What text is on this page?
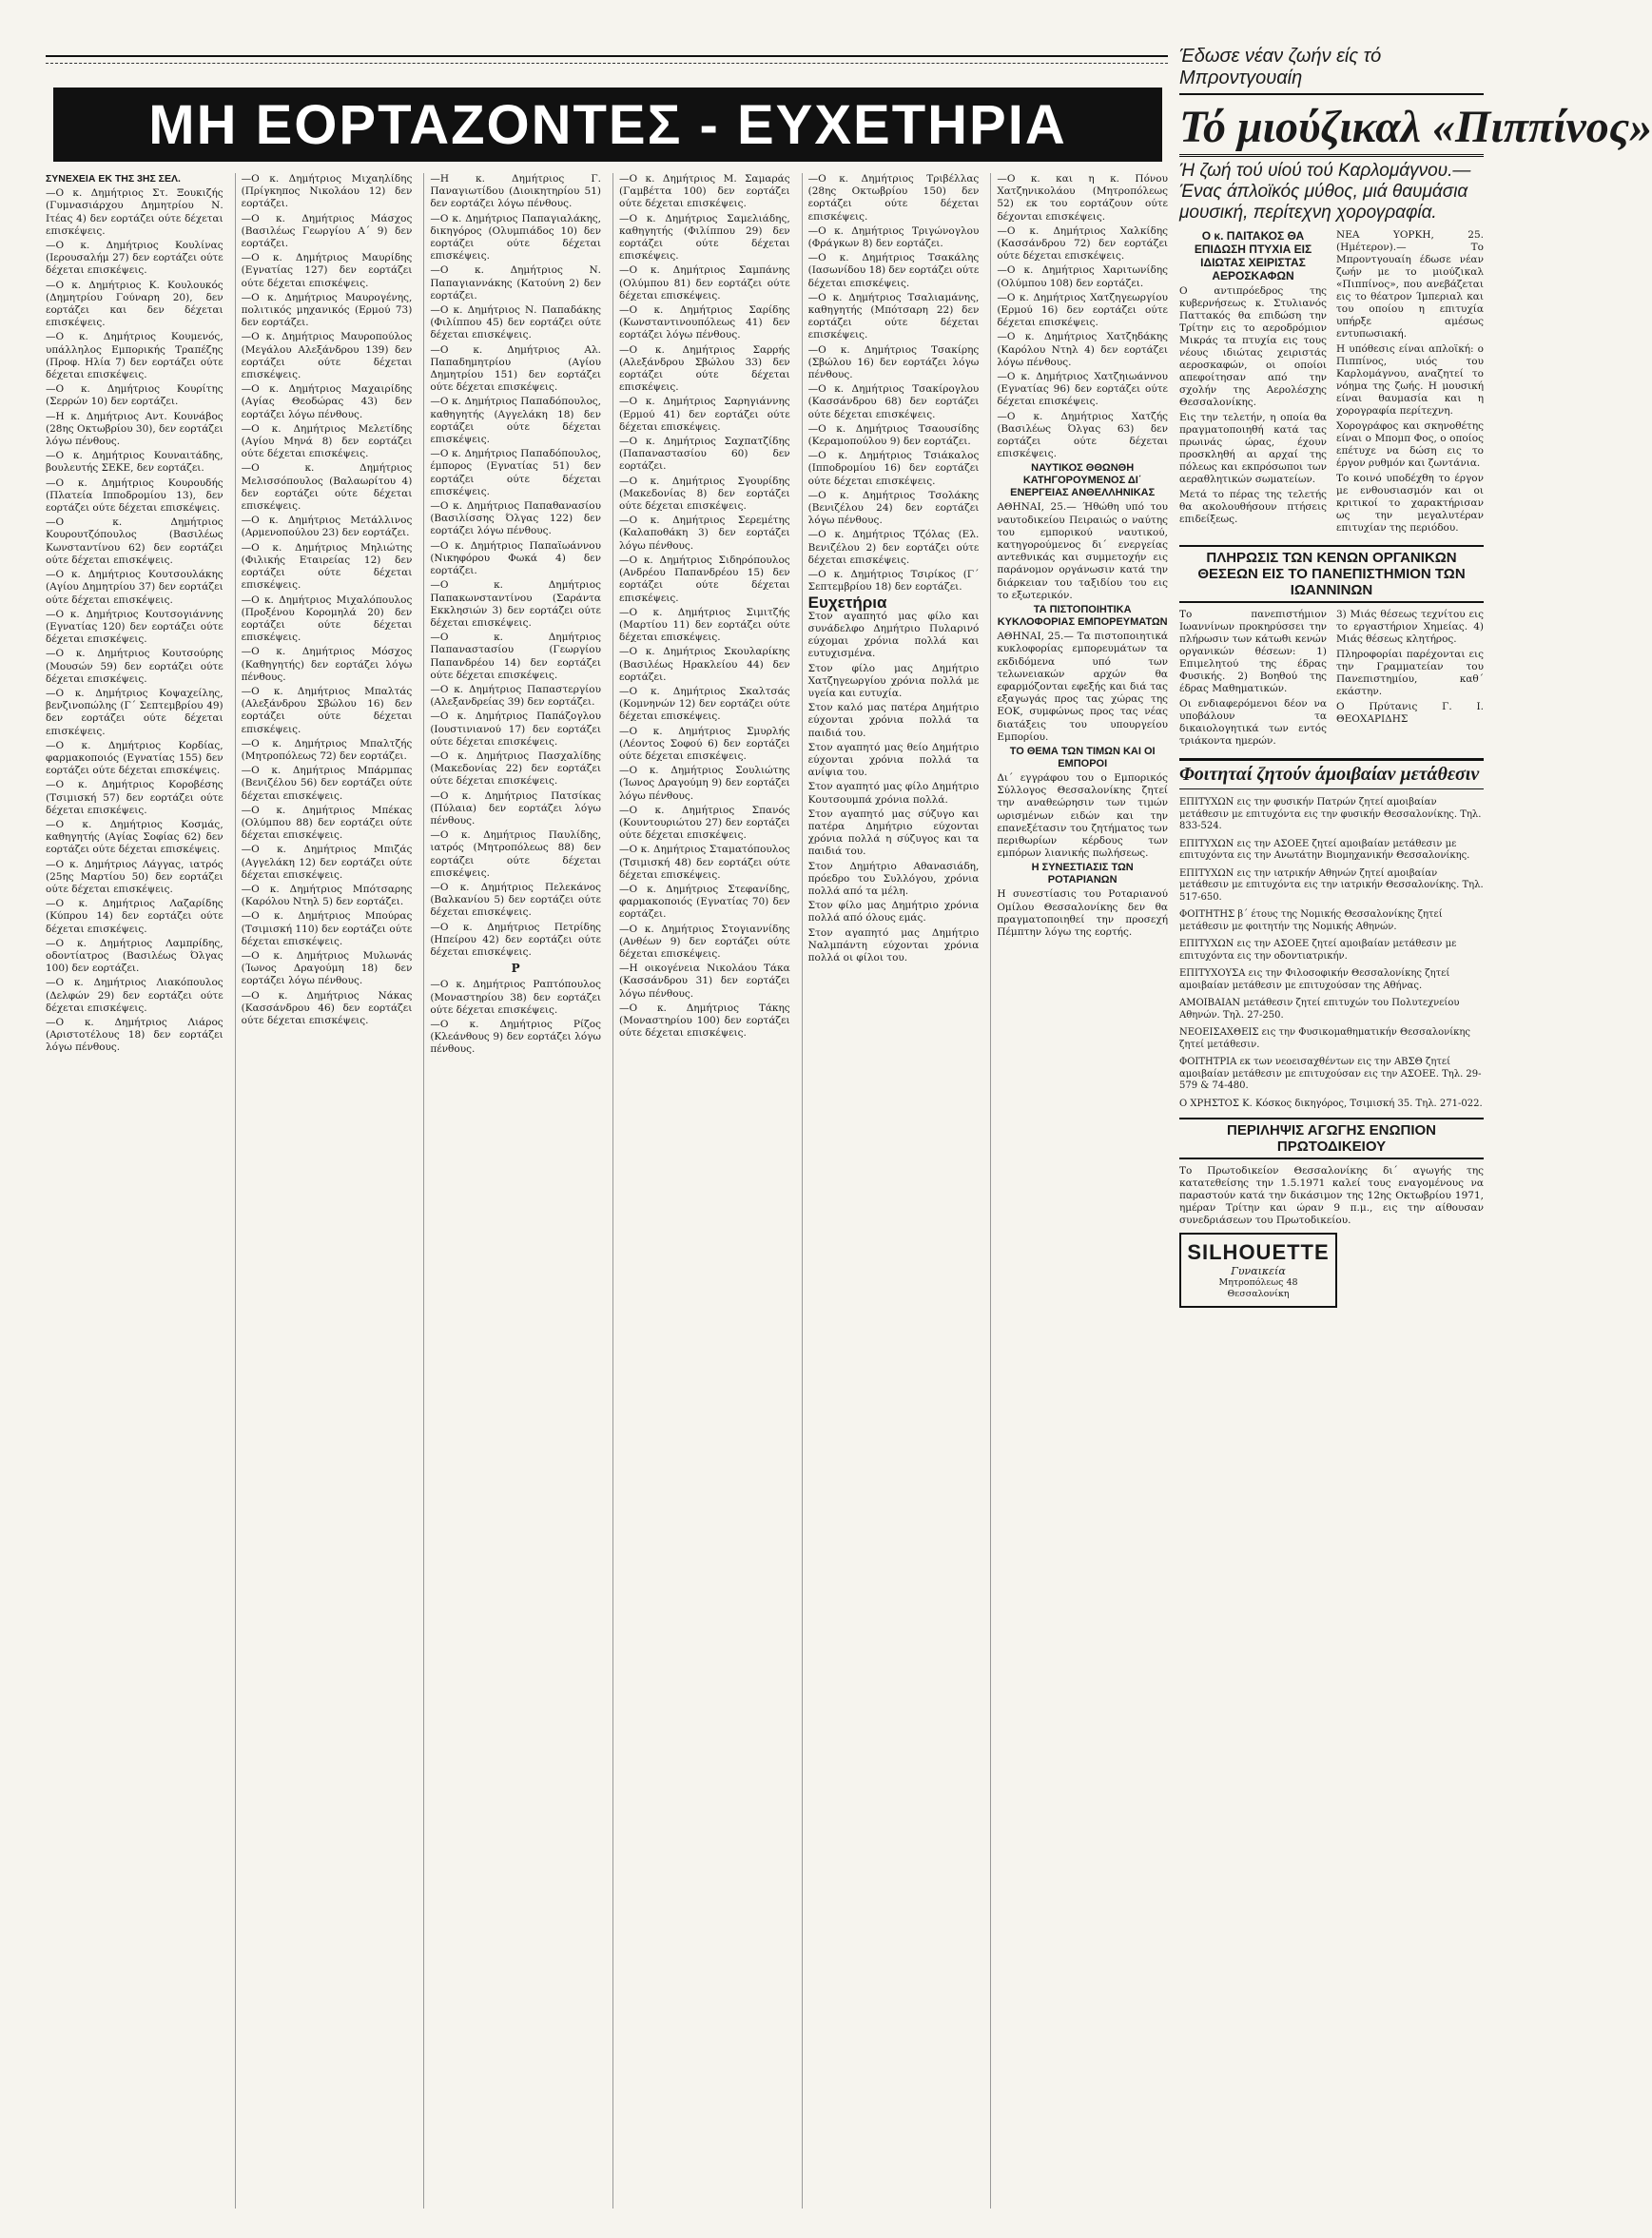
ΜΗ ΕΟΡΤΑΖΟΝΤΕΣ - ΕΥΧΕΤΗΡΙΑ

ΣΥΝΕΧΕΙΑ ΕΚ ΤΗΣ 3ΗΣ ΣΕΛ.

—Ο κ. Δημήτριος Στ. Ξουκιζής (Γυμνασιάρχου Δημητρίου Ν. Ιτέας 4) δεν εορτάζει ούτε δέχεται επισκέψεις.

—Ο κ. Δημήτριος Κουλίνας (Ιερουσαλήμ 27) δεν εορτάζει ούτε δέχεται επισκέψεις.

—Ο κ. Δημήτριος Κ. Κουλουκός (Δημητρίου Γούναρη 20), δεν εορτάζει και δεν δέχεται επισκέψεις.

—Ο κ. Δημήτριος Κουμενός, υπάλληλος Εμπορικής Τραπέζης (Προφ. Ηλία 7) δεν εορτάζει ούτε δέχεται επισκέψεις.

—Ο κ. Δημήτριος Κουρίτης (Σερρών 10) δεν εορτάζει.

—Η κ. Δημήτριος Αντ. Κουνάβος (28ης Οκτωβρίου 30), δεν εορτάζει λόγω πένθους.

—Ο κ. Δημήτριος Κουναιτάδης, βουλευτής ΣΕΚΕ, δεν εορτάζει.

—Ο κ. Δημήτριος Κουρουδής (Πλατεία Ιπποδρομίου 13), δεν εορτάζει ούτε δέχεται επισκέψεις.

—Ο κ. Δημήτριος Κουρουτζόπουλος (Βασιλέως Κωνσταντίνου 62) δεν εορτάζει ούτε δέχεται επισκέψεις.

—Ο κ. Δημήτριος Κουτσουλάκης (Αγίου Δημητρίου 37) δεν εορτάζει ούτε δέχεται επισκέψεις.

—Ο κ. Δημήτριος Κουτσογιάννης (Εγνατίας 120) δεν εορτάζει ούτε δέχεται επισκέψεις.

—Ο κ. Δημήτριος Κουτσούρης (Μουσών 59) δεν εορτάζει ούτε δέχεται επισκέψεις.

—Ο κ. Δημήτριος Κοψαχείλης, βενζινοπώλης (Γ΄ Σεπτεμβρίου 49) δεν εορτάζει ούτε δέχεται επισκέψεις.

—Ο κ. Δημήτριος Κορδίας, φαρμακοποιός (Εγνατίας 155) δεν εορτάζει ούτε δέχεται επισκέψεις.

—Ο κ. Δημήτριος Κοροβέσης (Τσιμισκή 57) δεν εορτάζει ούτε δέχεται επισκέψεις.

—Ο κ. Δημήτριος Κοσμάς, καθηγητής (Αγίας Σοφίας 62) δεν εορτάζει ούτε δέχεται επισκέψεις.

—Ο κ. Δημήτριος Λάγγας, ιατρός (25ης Μαρτίου 50) δεν εορτάζει ούτε δέχεται επισκέψεις.

—Ο κ. Δημήτριος Λαζαρίδης (Κύπρου 14) δεν εορτάζει ούτε δέχεται επισκέψεις.

—Ο κ. Δημήτριος Λαμπρίδης, οδοντίατρος (Βασιλέως Όλγας 100) δεν εορτάζει.

—Ο κ. Δημήτριος Λιακόπουλος (Δελφών 29) δεν εορτάζει ούτε δέχεται επισκέψεις.

—Ο κ. Δημήτριος Λιάρος (Αριστοτέλους 18) δεν εορτάζει λόγω πένθους.

—Ο κ. Δημήτριος Μιχαηλίδης (Πρίγκηπος Νικολάου 12) δεν εορτάζει.

—Ο κ. Δημήτριος Μάσχος (Βασιλέως Γεωργίου Α΄ 9) δεν εορτάζει.

—Ο κ. Δημήτριος Μαυρίδης (Εγνατίας 127) δεν εορτάζει ούτε δέχεται επισκέψεις.

—Ο κ. Δημήτριος Μαυρογένης, πολιτικός μηχανικός (Ερμού 73) δεν εορτάζει.

—Ο κ. Δημήτριος Μαυροπούλος (Μεγάλου Αλεξάνδρου 139) δεν εορτάζει ούτε δέχεται επισκέψεις.

—Ο κ. Δημήτριος Μαχαιρίδης (Αγίας Θεοδώρας 43) δεν εορτάζει λόγω πένθους.

—Ο κ. Δημήτριος Μελετίδης (Αγίου Μηνά 8) δεν εορτάζει ούτε δέχεται επισκέψεις.

—Ο κ. Δημήτριος Μελισσόπουλος (Βαλαωρίτου 4) δεν εορτάζει ούτε δέχεται επισκέψεις.

—Ο κ. Δημήτριος Μετάλλινος (Αρμενοπούλου 23) δεν εορτάζει.

—Ο κ. Δημήτριος Μηλιώτης (Φιλικής Εταιρείας 12) δεν εορτάζει ούτε δέχεται επισκέψεις.

—Ο κ. Δημήτριος Μιχαλόπουλος (Προξένου Κορομηλά 20) δεν εορτάζει ούτε δέχεται επισκέψεις.

—Ο κ. Δημήτριος Μόσχος (Καθηγητής) δεν εορτάζει λόγω πένθους.

—Ο κ. Δημήτριος Μπαλτάς (Αλεξάνδρου Σβώλου 16) δεν εορτάζει ούτε δέχεται επισκέψεις.

—Ο κ. Δημήτριος Μπαλτζής (Μητροπόλεως 72) δεν εορτάζει.

—Ο κ. Δημήτριος Μπάρμπας (Βενιζέλου 56) δεν εορτάζει ούτε δέχεται επισκέψεις.

—Ο κ. Δημήτριος Μπέκας (Ολύμπου 88) δεν εορτάζει ούτε δέχεται επισκέψεις.

—Ο κ. Δημήτριος Μπιζάς (Αγγελάκη 12) δεν εορτάζει ούτε δέχεται επισκέψεις.

—Ο κ. Δημήτριος Μπότσαρης (Καρόλου Ντηλ 5) δεν εορτάζει.

—Ο κ. Δημήτριος Μπούρας (Τσιμισκή 110) δεν εορτάζει ούτε δέχεται επισκέψεις.

—Ο κ. Δημήτριος Μυλωνάς (Ίωνος Δραγούμη 18) δεν εορτάζει λόγω πένθους.

—Ο κ. Δημήτριος Νάκας (Κασσάνδρου 46) δεν εορτάζει ούτε δέχεται επισκέψεις.

—Η κ. Δημήτριος Γ. Παναγιωτίδου (Διοικητηρίου 51) δεν εορτάζει λόγω πένθους.

—Ο κ. Δημήτριος Παπαγιαλάκης, δικηγόρος (Ολυμπιάδος 10) δεν εορτάζει ούτε δέχεται επισκέψεις.

—Ο κ. Δημήτριος Ν. Παπαγιαννάκης (Κατούνη 2) δεν εορτάζει.

—Ο κ. Δημήτριος Ν. Παπαδάκης (Φιλίππου 45) δεν εορτάζει ούτε δέχεται επισκέψεις.

—Ο κ. Δημήτριος Αλ. Παπαδημητρίου (Αγίου Δημητρίου 151) δεν εορτάζει ούτε δέχεται επισκέψεις.

—Ο κ. Δημήτριος Παπαδόπουλος, καθηγητής (Αγγελάκη 18) δεν εορτάζει ούτε δέχεται επισκέψεις.

—Ο κ. Δημήτριος Παπαδόπουλος, έμπορος (Εγνατίας 51) δεν εορτάζει ούτε δέχεται επισκέψεις.

—Ο κ. Δημήτριος Παπαθανασίου (Βασιλίσσης Όλγας 122) δεν εορτάζει λόγω πένθους.

—Ο κ. Δημήτριος Παπαϊωάννου (Νικηφόρου Φωκά 4) δεν εορτάζει.

—Ο κ. Δημήτριος Παπακωνσταντίνου (Σαράντα Εκκλησιών 3) δεν εορτάζει ούτε δέχεται επισκέψεις.

—Ο κ. Δημήτριος Παπαναστασίου (Γεωργίου Παπανδρέου 14) δεν εορτάζει ούτε δέχεται επισκέψεις.

—Ο κ. Δημήτριος Παπαστεργίου (Αλεξανδρείας 39) δεν εορτάζει.

—Ο κ. Δημήτριος Παπάζογλου (Ιουστινιανού 17) δεν εορτάζει ούτε δέχεται επισκέψεις.

—Ο κ. Δημήτριος Πασχαλίδης (Μακεδονίας 22) δεν εορτάζει ούτε δέχεται επισκέψεις.

—Ο κ. Δημήτριος Πατσίκας (Πύλαια) δεν εορτάζει λόγω πένθους.

—Ο κ. Δημήτριος Παυλίδης, ιατρός (Μητροπόλεως 88) δεν εορτάζει ούτε δέχεται επισκέψεις.

—Ο κ. Δημήτριος Πελεκάνος (Βαλκανίου 5) δεν εορτάζει ούτε δέχεται επισκέψεις.

—Ο κ. Δημήτριος Πετρίδης (Ηπείρου 42) δεν εορτάζει ούτε δέχεται επισκέψεις.

Ρ

—Ο κ. Δημήτριος Ραπτόπουλος (Μοναστηρίου 38) δεν εορτάζει ούτε δέχεται επισκέψεις.

—Ο κ. Δημήτριος Ρίζος (Κλεάνθους 9) δεν εορτάζει λόγω πένθους.

—Ο κ. Δημήτριος Μ. Σαμαράς (Γαμβέττα 100) δεν εορτάζει ούτε δέχεται επισκέψεις.

—Ο κ. Δημήτριος Σαμελιάδης, καθηγητής (Φιλίππου 29) δεν εορτάζει ούτε δέχεται επισκέψεις.

—Ο κ. Δημήτριος Σαμπάνης (Ολύμπου 81) δεν εορτάζει ούτε δέχεται επισκέψεις.

—Ο κ. Δημήτριος Σαρίδης (Κωνσταντινουπόλεως 41) δεν εορτάζει λόγω πένθους.

—Ο κ. Δημήτριος Σαρρής (Αλεξάνδρου Σβώλου 33) δεν εορτάζει ούτε δέχεται επισκέψεις.

—Ο κ. Δημήτριος Σαρηγιάννης (Ερμού 41) δεν εορτάζει ούτε δέχεται επισκέψεις.

—Ο κ. Δημήτριος Σαχπατζίδης (Παπαναστασίου 60) δεν εορτάζει.

—Ο κ. Δημήτριος Σγουρίδης (Μακεδονίας 8) δεν εορτάζει ούτε δέχεται επισκέψεις.

—Ο κ. Δημήτριος Σερεμέτης (Καλαποθάκη 3) δεν εορτάζει λόγω πένθους.

—Ο κ. Δημήτριος Σιδηρόπουλος (Ανδρέου Παπανδρέου 15) δεν εορτάζει ούτε δέχεται επισκέψεις.

—Ο κ. Δημήτριος Σιμιτζής (Μαρτίου 11) δεν εορτάζει ούτε δέχεται επισκέψεις.

—Ο κ. Δημήτριος Σκουλαρίκης (Βασιλέως Ηρακλείου 44) δεν εορτάζει.

—Ο κ. Δημήτριος Σκαλτσάς (Κομνηνών 12) δεν εορτάζει ούτε δέχεται επισκέψεις.

—Ο κ. Δημήτριος Σμυρλής (Λέοντος Σοφού 6) δεν εορτάζει ούτε δέχεται επισκέψεις.

—Ο κ. Δημήτριος Σουλιώτης (Ίωνος Δραγούμη 9) δεν εορτάζει λόγω πένθους.

—Ο κ. Δημήτριος Σπανός (Κουντουριώτου 27) δεν εορτάζει ούτε δέχεται επισκέψεις.

—Ο κ. Δημήτριος Σταματόπουλος (Τσιμισκή 48) δεν εορτάζει ούτε δέχεται επισκέψεις.

—Ο κ. Δημήτριος Στεφανίδης, φαρμακοποιός (Εγνατίας 70) δεν εορτάζει.

—Ο κ. Δημήτριος Στογιαννίδης (Ανθέων 9) δεν εορτάζει ούτε δέχεται επισκέψεις.

—Η οικογένεια Νικολάου Τάκα (Κασσάνδρου 31) δεν εορτάζει λόγω πένθους.

—Ο κ. Δημήτριος Τάκης (Μοναστηρίου 100) δεν εορτάζει ούτε δέχεται επισκέψεις.

—Ο κ. Δημήτριος Τριβέλλας (28ης Οκτωβρίου 150) δεν εορτάζει ούτε δέχεται επισκέψεις.

—Ο κ. Δημήτριος Τριγώνογλου (Φράγκων 8) δεν εορτάζει.

—Ο κ. Δημήτριος Τσακάλης (Ιασωνίδου 18) δεν εορτάζει ούτε δέχεται επισκέψεις.

—Ο κ. Δημήτριος Τσαλιαμάνης, καθηγητής (Μπότσαρη 22) δεν εορτάζει ούτε δέχεται επισκέψεις.

—Ο κ. Δημήτριος Τσακίρης (Σβώλου 16) δεν εορτάζει λόγω πένθους.

—Ο κ. Δημήτριος Τσακίρογλου (Κασσάνδρου 68) δεν εορτάζει ούτε δέχεται επισκέψεις.

—Ο κ. Δημήτριος Τσαουσίδης (Κεραμοπούλου 9) δεν εορτάζει.

—Ο κ. Δημήτριος Τσιάκαλος (Ιπποδρομίου 16) δεν εορτάζει ούτε δέχεται επισκέψεις.

—Ο κ. Δημήτριος Τσολάκης (Βενιζέλου 24) δεν εορτάζει λόγω πένθους.

—Ο κ. Δημήτριος Τζόλας (Ελ. Βενιζέλου 2) δεν εορτάζει ούτε δέχεται επισκέψεις.

—Ο κ. Δημήτριος Τσιρίκος (Γ΄ Σεπτεμβρίου 18) δεν εορτάζει.

Ευχετήρια

Στον αγαπητό μας φίλο και συνάδελφο Δημήτριο Πυλαρινό εύχομαι χρόνια πολλά και ευτυχισμένα.

Στον φίλο μας Δημήτριο Χατζηγεωργίου χρόνια πολλά με υγεία και ευτυχία.

Στον καλό μας πατέρα Δημήτριο εύχονται χρόνια πολλά τα παιδιά του.

Στον αγαπητό μας θείο Δημήτριο εύχονται χρόνια πολλά τα ανίψια του.

Στον αγαπητό μας φίλο Δημήτριο Κουτσουμπά χρόνια πολλά.

Στον αγαπητό μας σύζυγο και πατέρα Δημήτριο εύχονται χρόνια πολλά η σύζυγος και τα παιδιά του.

Στον Δημήτριο Αθανασιάδη, πρόεδρο του Συλλόγου, χρόνια πολλά από τα μέλη.

Στον φίλο μας Δημήτριο χρόνια πολλά από όλους εμάς.

Στον αγαπητό μας Δημήτριο Ναλμπάντη εύχονται χρόνια πολλά οι φίλοι του.

—Ο κ. και η κ. Πόνου Χατζηνικολάου (Μητροπόλεως 52) εκ του εορτάζουν ούτε δέχονται επισκέψεις.

—Ο κ. Δημήτριος Χαλκίδης (Κασσάνδρου 72) δεν εορτάζει ούτε δέχεται επισκέψεις.

—Ο κ. Δημήτριος Χαριτωνίδης (Ολύμπου 108) δεν εορτάζει.

—Ο κ. Δημήτριος Χατζηγεωργίου (Ερμού 16) δεν εορτάζει ούτε δέχεται επισκέψεις.

—Ο κ. Δημήτριος Χατζηδάκης (Καρόλου Ντηλ 4) δεν εορτάζει λόγω πένθους.

—Ο κ. Δημήτριος Χατζηιωάννου (Εγνατίας 96) δεν εορτάζει ούτε δέχεται επισκέψεις.

—Ο κ. Δημήτριος Χατζής (Βασιλέως Όλγας 63) δεν εορτάζει ούτε δέχεται επισκέψεις.

ΝΑΥΤΙΚΟΣ ΘΘΩΝΘΗ ΚΑΤΗΓΟΡΟΥΜΕΝΟΣ ΔΙ΄ ΕΝΕΡΓΕΙΑΣ ΑΝΘΕΛΛΗΝΙΚΑΣ

ΑΘΗΝΑΙ, 25.— Ήθώθη υπό του ναυτοδικείου Πειραιώς ο ναύτης του εμπορικού ναυτικού, κατηγορούμενος δι΄ ενεργείας αντεθνικάς και συμμετοχήν εις παράνομον οργάνωσιν κατά την διάρκειαν του ταξιδίου του εις το εξωτερικόν.

ΤΑ ΠΙΣΤΟΠΟΙΗΤΙΚΑ ΚΥΚΛΟΦΟΡΙΑΣ ΕΜΠΟΡΕΥΜΑΤΩΝ

ΑΘΗΝΑΙ, 25.— Τα πιστοποιητικά κυκλοφορίας εμπορευμάτων τα εκδιδόμενα υπό των τελωνειακών αρχών θα εφαρμόζονται εφεξής και διά τας εξαγωγάς προς τας χώρας της ΕΟΚ, συμφώνως προς τας νέας διατάξεις του υπουργείου Εμπορίου.

ΤΟ ΘΕΜΑ ΤΩΝ ΤΙΜΩΝ ΚΑΙ ΟΙ ΕΜΠΟΡΟΙ

Δι΄ εγγράφου του ο Εμπορικός Σύλλογος Θεσσαλονίκης ζητεί την αναθεώρησιν των τιμών ωρισμένων ειδών και την επανεξέτασιν του ζητήματος των περιθωρίων κέρδους των εμπόρων λιανικής πωλήσεως.

Η ΣΥΝΕΣΤΙΑΣΙΣ ΤΩΝ ΡΟΤΑΡΙΑΝΩΝ

Η συνεστίασις του Ροταριανού Ομίλου Θεσσαλονίκης δεν θα πραγματοποιηθεί την προσεχή Πέμπτην λόγω της εορτής.

Έδωσε νέαν ζωήν είς τό Μπροντγουαίη
Τό μιούζικαλ «Πιππίνος»
Ή ζωή τού υίού τού Καρλομάγνου.— Ένας άπλοϊκός μύθος, μιά θαυμάσια μουσική, περίτεχνη χορογραφία.

Ο κ. ΠΑΙΤΑΚΟΣ ΘΑ ΕΠΙΔΩΣΗ ΠΤΥΧΙΑ ΕΙΣ ΙΔΙΩΤΑΣ ΧΕΙΡΙΣΤΑΣ ΑΕΡΟΣΚΑΦΩΝ

Ο αντιπρόεδρος της κυβερνήσεως κ. Στυλιανός Παττακός θα επιδώση την Τρίτην εις το αεροδρόμιον Μικράς τα πτυχία εις τους νέους ιδιώτας χειριστάς αεροσκαφών, οι οποίοι απεφοίτησαν από την σχολήν της Αερολέσχης Θεσσαλονίκης.

Εις την τελετήν, η οποία θα πραγματοποιηθή κατά τας πρωινάς ώρας, έχουν προσκληθή αι αρχαί της πόλεως και εκπρόσωποι των αεραθλητικών σωματείων.

Μετά το πέρας της τελετής θα ακολουθήσουν πτήσεις επιδείξεως.

ΝΕΑ ΥΟΡΚΗ, 25. (Ημέτερον).— Το Μπροντγουαίη έδωσε νέαν ζωήν με το μιούζικαλ «Πιππίνος», που ανεβάζεται εις το θέατρον Ίμπεριαλ και του οποίου η επιτυχία υπήρξε αμέσως εντυπωσιακή.

Η υπόθεσις είναι απλοϊκή: ο Πιππίνος, υιός του Καρλομάγνου, αναζητεί το νόημα της ζωής. Η μουσική είναι θαυμασία και η χορογραφία περίτεχνη.

Χορογράφος και σκηνοθέτης είναι ο Μπομπ Φος, ο οποίος επέτυχε να δώση εις το έργον ρυθμόν και ζωντάνια.

Το κοινό υποδέχθη το έργον με ενθουσιασμόν και οι κριτικοί το χαρακτήρισαν ως την μεγαλυτέραν επιτυχίαν της περιόδου.

ΠΛΗΡΩΣΙΣ ΤΩΝ ΚΕΝΩΝ ΟΡΓΑΝΙΚΩΝ ΘΕΣΕΩΝ ΕΙΣ ΤΟ ΠΑΝΕΠΙΣΤΗΜΙΟΝ ΤΩΝ ΙΩΑΝΝΙΝΩΝ

Το πανεπιστήμιον Ιωαννίνων προκηρύσσει την πλήρωσιν των κάτωθι κενών οργανικών θέσεων: 1) Επιμελητού της έδρας Φυσικής. 2) Βοηθού της έδρας Μαθηματικών.

Οι ενδιαφερόμενοι δέον να υποβάλουν τα δικαιολογητικά των εντός τριάκοντα ημερών.

3) Μιάς θέσεως τεχνίτου εις το εργαστήριον Χημείας. 4) Μιάς θέσεως κλητήρος.

Πληροφορίαι παρέχονται εις την Γραμματείαν του Πανεπιστημίου, καθ΄ εκάστην.

Ο Πρύτανις Γ. Ι. ΘΕΟΧΑΡΙΔΗΣ

Φοιτηταί ζητούν άμοιβαίαν μετάθεσιν

ΕΠΙΤΥΧΩΝ εις την φυσικήν Πατρών ζητεί αμοιβαίαν μετάθεσιν με επιτυχόντα εις την φυσικήν Θεσσαλονίκης. Τηλ. 833-524.

ΕΠΙΤΥΧΩΝ εις την ΑΣΟΕΕ ζητεί αμοιβαίαν μετάθεσιν με επιτυχόντα εις την Ανωτάτην Βιομηχανικήν Θεσσαλονίκης.

ΕΠΙΤΥΧΩΝ εις την ιατρικήν Αθηνών ζητεί αμοιβαίαν μετάθεσιν με επιτυχόντα εις την ιατρικήν Θεσσαλονίκης. Τηλ. 517-650.

ΦΟΙΤΗΤΗΣ β΄ έτους της Νομικής Θεσσαλονίκης ζητεί μετάθεσιν με φοιτητήν της Νομικής Αθηνών.

ΕΠΙΤΥΧΩΝ εις την ΑΣΟΕΕ ζητεί αμοιβαίαν μετάθεσιν με επιτυχόντα εις την οδοντιατρικήν.

ΕΠΙΤΥΧΟΥΣΑ εις την Φιλοσοφικήν Θεσσαλονίκης ζητεί αμοιβαίαν μετάθεσιν με επιτυχούσαν της Αθήνας.

ΑΜΟΙΒΑΙΑΝ μετάθεσιν ζητεί επιτυχών του Πολυτεχνείου Αθηνών. Τηλ. 27-250.

ΝΕΟΕΙΣΑΧΘΕΙΣ εις την Φυσικομαθηματικήν Θεσσαλονίκης ζητεί μετάθεσιν.

ΦΟΙΤΗΤΡΙΑ εκ των νεοεισαχθέντων εις την ΑΒΣΘ ζητεί αμοιβαίαν μετάθεσιν με επιτυχούσαν εις την ΑΣΟΕΕ. Τηλ. 29-579 & 74-480.

Ο ΧΡΗΣΤΟΣ Κ. Κόσκος δικηγόρος, Τσιμισκή 35. Τηλ. 271-022.

ΠΕΡΙΛΗΨΙΣ ΑΓΩΓΗΣ ΕΝΩΠΙΟΝ ΠΡΩΤΟΔΙΚΕΙΟΥ

Το Πρωτοδικείον Θεσσαλονίκης δι΄ αγωγής της κατατεθείσης την 1.5.1971 καλεί τους εναγομένους να παραστούν κατά την δικάσιμον της 12ης Οκτωβρίου 1971, ημέραν Τρίτην και ώραν 9 π.μ., εις την αίθουσαν συνεδριάσεων του Πρωτοδικείου.

SILHOUETTE
Γυναικεία
Μητροπόλεως 48 Θεσσαλονίκη
